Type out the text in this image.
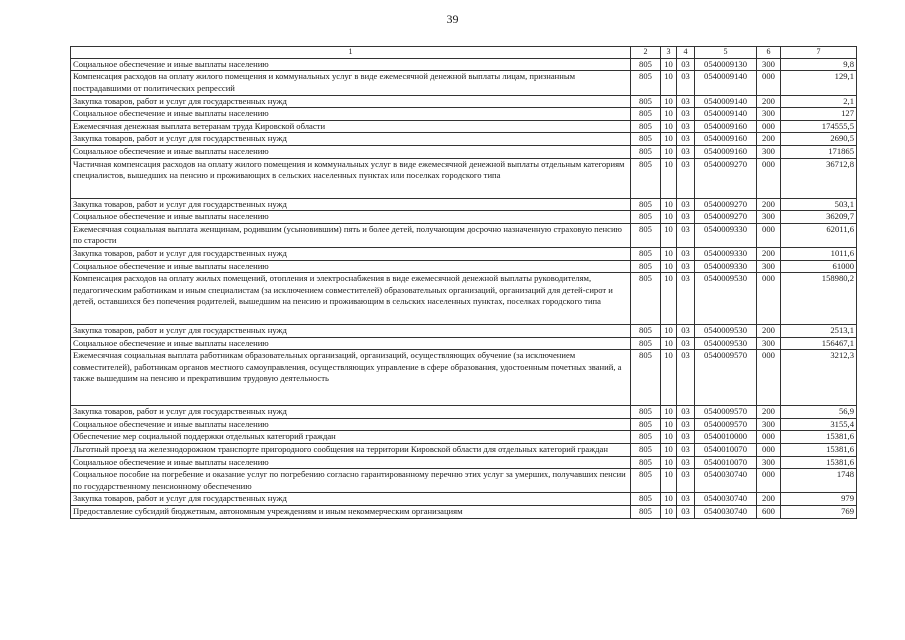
39
1	2	3	4	5	6	7
Социальное обеспечение и иные выплаты населению	805	10	03	0540009130	300	9,8
Компенсация расходов на оплату жилого помещения и коммунальных услуг в виде ежемесячной денежной выплаты лицам, признанным пострадавшими от политических репрессий	805	10	03	0540009140	000	129,1
Закупка товаров, работ и услуг для государственных нужд	805	10	03	0540009140	200	2,1
Социальное обеспечение и иные выплаты населению	805	10	03	0540009140	300	127
Ежемесячная денежная выплата ветеранам труда Кировской области	805	10	03	0540009160	000	174555,5
Закупка товаров, работ и услуг для государственных нужд	805	10	03	0540009160	200	2690,5
Социальное обеспечение и иные выплаты населению	805	10	03	0540009160	300	171865
Частичная компенсация расходов на оплату жилого помещения и коммунальных услуг в виде ежемесячной денежной выплаты отдельным категориям специалистов, вышедших на пенсию и проживающих в сельских населенных пунктах или поселках городского типа	805	10	03	0540009270	000	36712,8
Закупка товаров, работ и услуг для государственных нужд	805	10	03	0540009270	200	503,1
Социальное обеспечение и иные выплаты населению	805	10	03	0540009270	300	36209,7
Ежемесячная социальная выплата женщинам, родившим (усыновившим) пять и более детей, получающим досрочно назначенную страховую пенсию по старости	805	10	03	0540009330	000	62011,6
Закупка товаров, работ и услуг для государственных нужд	805	10	03	0540009330	200	1011,6
Социальное обеспечение и иные выплаты населению	805	10	03	0540009330	300	61000
Компенсация расходов на оплату жилых помещений, отопления и электроснабжения в виде ежемесячной денежной выплаты руководителям, педагогическим работникам и иным специалистам (за исключением совместителей) образовательных организаций, организаций для детей-сирот и детей, оставшихся без попечения родителей, вышедшим на пенсию и проживающим в сельских населенных пунктах, поселках городского типа	805	10	03	0540009530	000	158980,2
Закупка товаров, работ и услуг для государственных нужд	805	10	03	0540009530	200	2513,1
Социальное обеспечение и иные выплаты населению	805	10	03	0540009530	300	156467,1
Ежемесячная социальная выплата работникам образовательных организаций, организаций, осуществляющих обучение (за исключением совместителей), работникам органов местного самоуправления, осуществляющих управление в сфере образования, удостоенным почетных званий, а также вышедшим на пенсию и прекратившим трудовую деятельность	805	10	03	0540009570	000	3212,3
Закупка товаров, работ и услуг для государственных нужд	805	10	03	0540009570	200	56,9
Социальное обеспечение и иные выплаты населению	805	10	03	0540009570	300	3155,4
Обеспечение мер социальной поддержки отдельных категорий граждан	805	10	03	0540010000	000	15381,6
Льготный проезд на железнодорожном транспорте пригородного сообщения на территории Кировской области для отдельных категорий граждан	805	10	03	0540010070	000	15381,6
Социальное обеспечение и иные выплаты населению	805	10	03	0540010070	300	15381,6
Социальное пособие на погребение и оказание услуг по погребению согласно гарантированному перечню этих услуг за умерших, получавших пенсии по государственному пенсионному обеспечению	805	10	03	0540030740	000	1748
Закупка товаров, работ и услуг для государственных нужд	805	10	03	0540030740	200	979
Предоставление субсидий бюджетным, автономным учреждениям и иным некоммерческим организациям	805	10	03	0540030740	600	769
